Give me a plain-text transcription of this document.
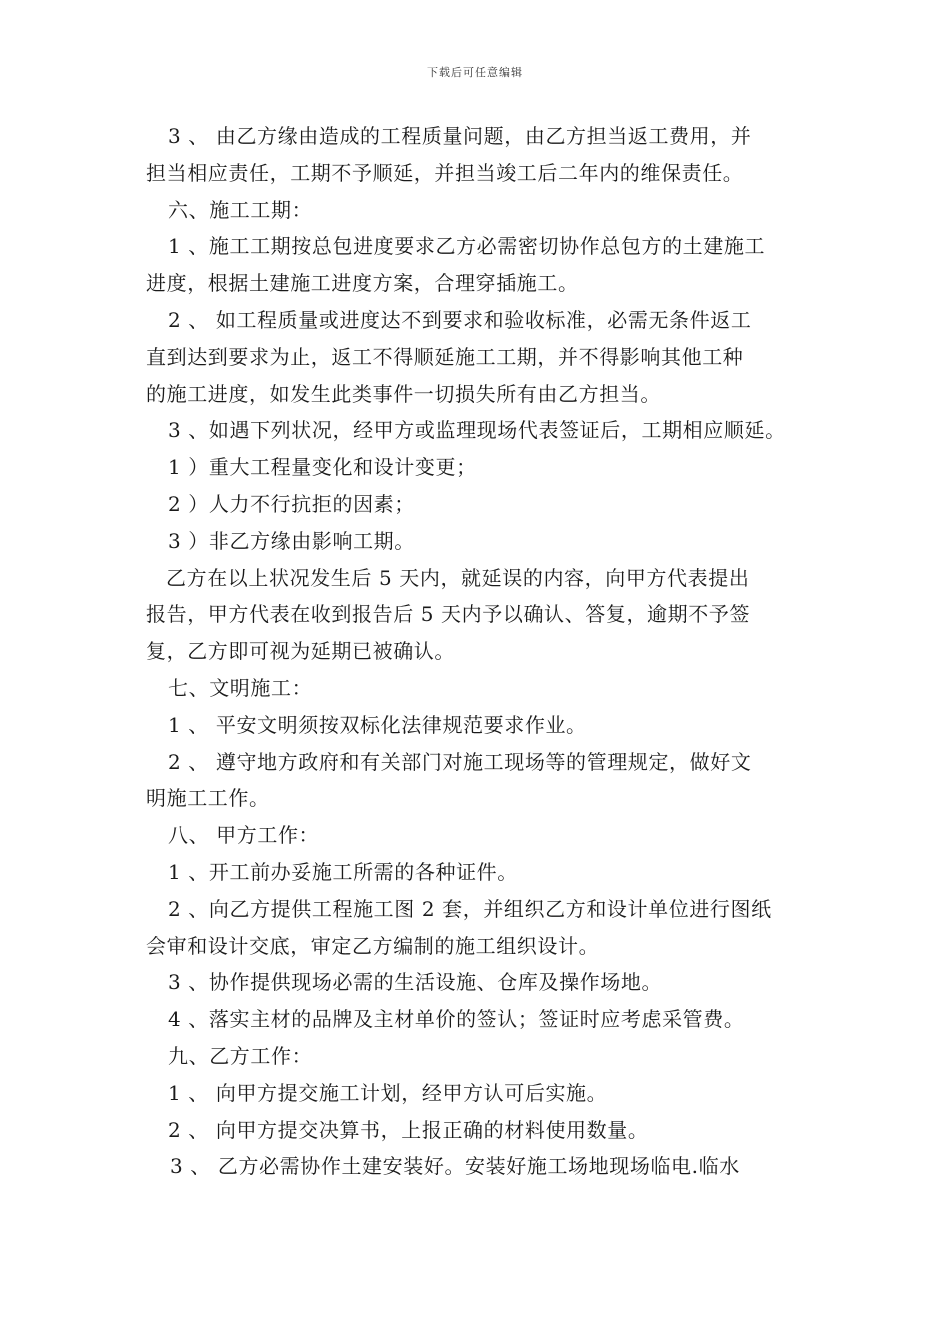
下载后可任意编辑
3 、 由乙方缘由造成的工程质量问题，由乙方担当返工费用，并
担当相应责任，工期不予顺延，并担当竣工后二年内的维保责任。
六、施工工期：
1 、施工工期按总包进度要求乙方必需密切协作总包方的土建施工
进度，根据土建施工进度方案，合理穿插施工。
2 、 如工程质量或进度达不到要求和验收标准，必需无条件返工
直到达到要求为止，返工不得顺延施工工期，并不得影响其他工种
的施工进度，如发生此类事件一切损失所有由乙方担当。
3 、如遇下列状况，经甲方或监理现场代表签证后，工期相应顺延。
1 ）重大工程量变化和设计变更；
2 ）人力不行抗拒的因素；
3 ）非乙方缘由影响工期。
乙方在以上状况发生后 5 天内，就延误的内容，向甲方代表提出
报告，甲方代表在收到报告后 5 天内予以确认、答复，逾期不予签
复，乙方即可视为延期已被确认。
七、文明施工：
1 、 平安文明须按双标化法律规范要求作业。
2 、 遵守地方政府和有关部门对施工现场等的管理规定，做好文
明施工工作。
八、 甲方工作：
1 、开工前办妥施工所需的各种证件。
2 、向乙方提供工程施工图 2 套，并组织乙方和设计单位进行图纸
会审和设计交底，审定乙方编制的施工组织设计。
3 、协作提供现场必需的生活设施、仓库及操作场地。
4 、落实主材的品牌及主材单价的签认；签证时应考虑采管费。
九、乙方工作：
1 、 向甲方提交施工计划，经甲方认可后实施。
2 、 向甲方提交决算书，上报正确的材料使用数量。
3 、 乙方必需协作土建安装好。安装好施工场地现场临电.临水
